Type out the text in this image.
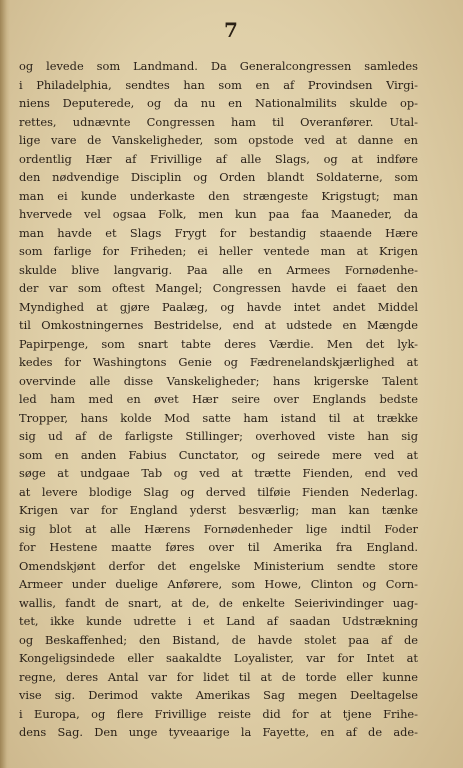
7
og levede som Landmand. Da Generalcongressen samledes
i Philadelphia, sendtes han som en af Provindsen Virgi-
niens Deputerede, og da nu en Nationalmilits skulde op-
rettes, udnævnte Congressen ham til Overanfører. Utal-
lige vare de Vanskeligheder, som opstode ved at danne en
ordentlig Hær af Frivillige af alle Slags, og at indføre
den nødvendige Disciplin og Orden blandt Soldaterne, som
man ei kunde underkaste den strængeste Krigstugt; man
hvervede vel ogsaa Folk, men kun paa faa Maaneder, da
man havde et Slags Frygt for bestandig staaende Hære
som farlige for Friheden; ei heller ventede man at Krigen
skulde blive langvarig. Paa alle en Armees Fornødenhe-
der var som oftest Mangel; Congressen havde ei faaet den
Myndighed at gjøre Paalæg, og havde intet andet Middel
til Omkostningernes Bestridelse, end at udstede en Mængde
Papirpenge, som snart tabte deres Værdie. Men det lyk-
kedes for Washingtons Genie og Fædrenelandskjærlighed at
overvinde alle disse Vanskeligheder; hans krigerske Talent
led ham med en øvet Hær seire over Englands bedste
Tropper, hans kolde Mod satte ham istand til at trække
sig ud af de farligste Stillinger; overhoved viste han sig
som en anden Fabius Cunctator, og seirede mere ved at
søge at undgaae Tab og ved at trætte Fienden, end ved
at levere blodige Slag og derved tilføie Fienden Nederlag.
Krigen var for England yderst besværlig; man kan tænke
sig blot at alle Hærens Fornødenheder lige indtil Foder
for Hestene maatte føres over til Amerika fra England.
Omendskjønt derfor det engelske Ministerium sendte store
Armeer under duelige Anførere, som Howe, Clinton og Corn-
wallis, fandt de snart, at de, de enkelte Seierivindinger uag-
tet, ikke kunde udrette i et Land af saadan Udstrækning
og Beskaffenhed; den Bistand, de havde stolet paa af de
Kongeligsindede eller saakaldte Loyalister, var for Intet at
regne, deres Antal var for lidet til at de torde eller kunne
vise sig. Derimod vakte Amerikas Sag megen Deeltagelse
i Europa, og flere Frivillige reiste did for at tjene Frihe-
dens Sag. Den unge tyveaarige la Fayette, en af de ade-
